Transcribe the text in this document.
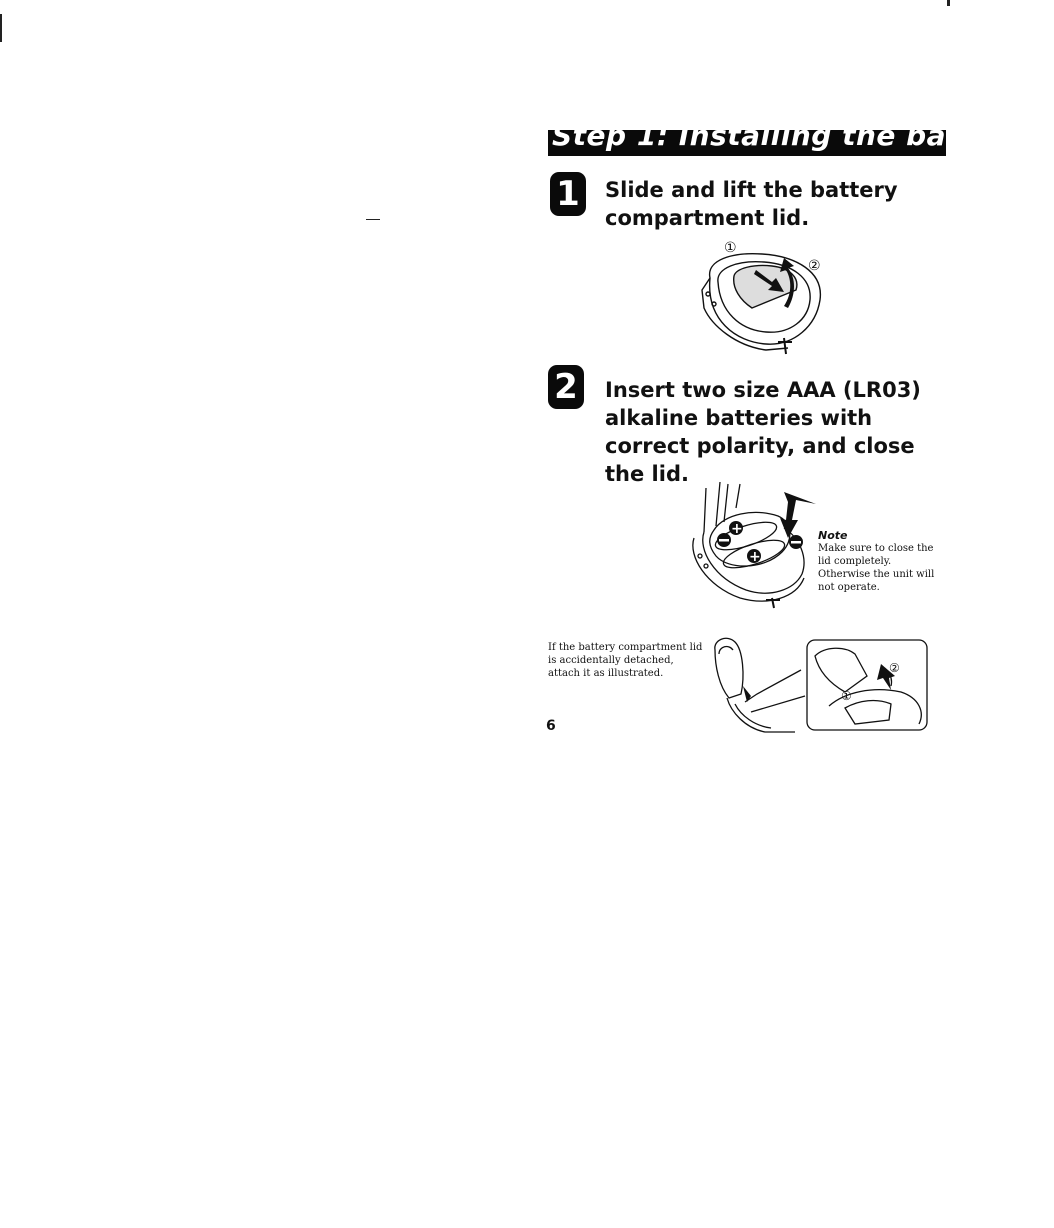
Step 1: Installing the batteries
1 Slide and lift the battery
compartment lid.
①
②
2 Insert two size AAA (LR03)
alkaline batteries with
correct polarity, and close
the lid.
+
+
Note
Make sure to close the lid completely. Otherwise the unit will not operate.
If the battery compartment lid is accidentally detached, attach it as illustrated.
①
②
6
